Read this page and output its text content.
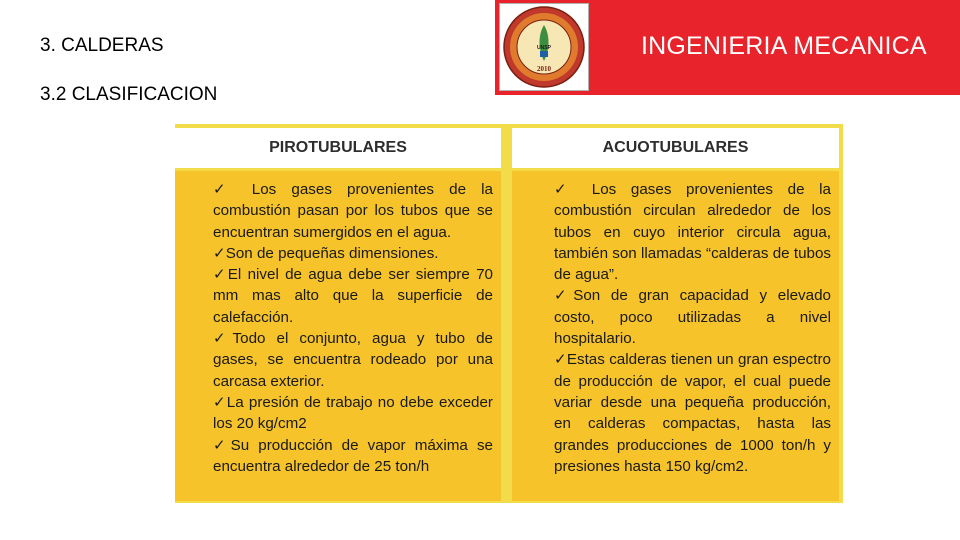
3. CALDERAS
3.2 CLASIFICACION
2010
UNSP	INGENIERIA MECANICA
PIROTUBULARES	ACUOTUBULARES

✓ Los gases provenientes de la combustión pasan por los tubos que se encuentran sumergidos en el agua.

✓Son de pequeñas dimensiones.

✓El nivel de agua debe ser siempre 70 mm mas alto que la superficie de calefacción.

✓Todo el conjunto, agua y tubo de gases, se encuentra rodeado por una carcasa exterior.

✓La presión de trabajo no debe exceder los 20 kg/cm2

✓Su producción de vapor máxima se encuentra alrededor de 25 ton/h

✓ Los gases provenientes de la combustión circulan alrededor de los tubos en cuyo interior circula agua, también son llamadas “calderas de tubos de agua”.

✓Son de gran capacidad y elevado costo, poco utilizadas a nivel hospitalario.

✓Estas calderas tienen un gran espectro de producción de vapor, el cual puede variar desde una pequeña producción, en calderas compactas, hasta las grandes producciones de 1000 ton/h y presiones hasta 150 kg/cm2.
